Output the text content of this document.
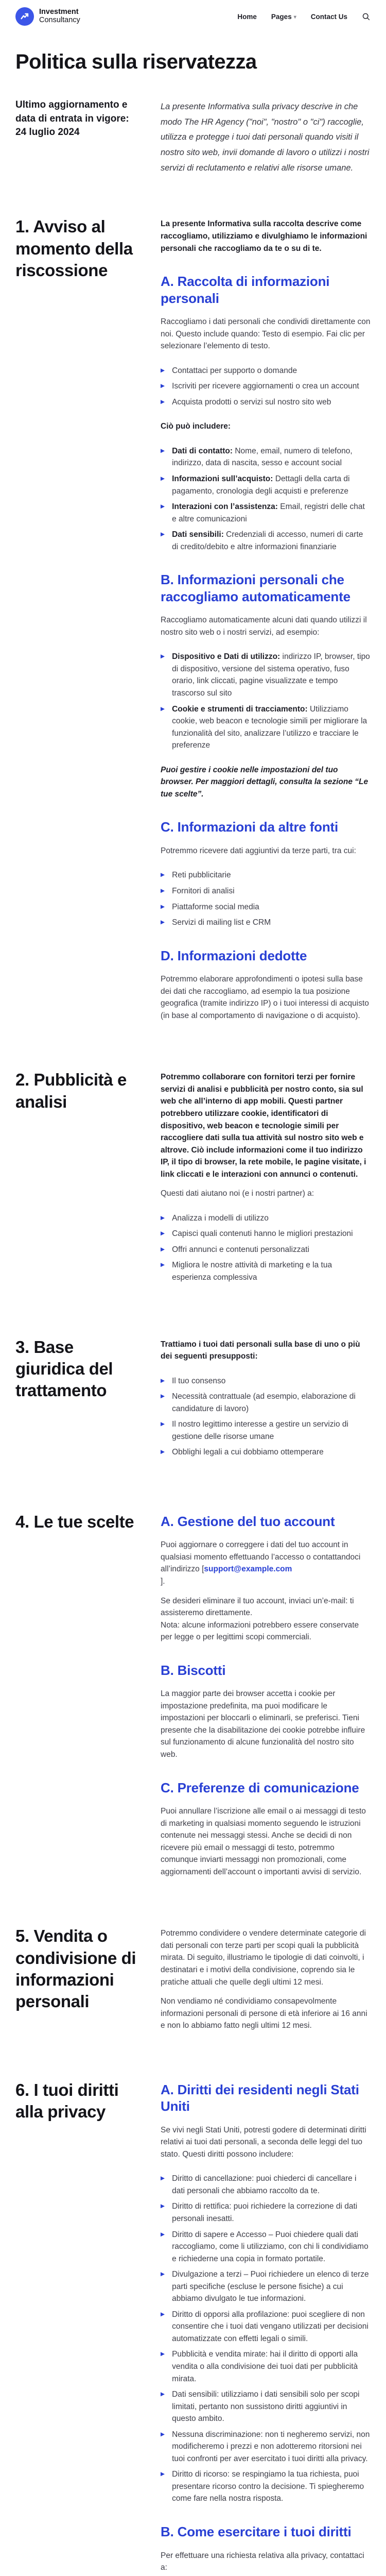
Investment
Consultancy	Home Pages ▾ Contact Us
Politica sulla riservatezza
Ultimo aggiornamento e data di entrata in vigore:
24 luglio 2024
La presente Informativa sulla privacy descrive in che modo The HR Agency ("noi", "nostro" o "ci") raccoglie, utilizza e protegge i tuoi dati personali quando visiti il nostro sito web, invii domande di lavoro o utilizzi i nostri servizi di reclutamento e relativi alle risorse umane.
1. Avviso al momento della riscossione

La presente Informativa sulla raccolta descrive come raccogliamo, utilizziamo e divulghiamo le informazioni personali che raccogliamo da te o su di te.

A. Raccolta di informazioni personali

Raccogliamo i dati personali che condividi direttamente con noi. Questo include quando: Testo di esempio. Fai clic per selezionare l’elemento di testo.

▶ Contattaci per supporto o domande
▶ Iscriviti per ricevere aggiornamenti o crea un account
▶ Acquista prodotti o servizi sul nostro sito web

Ciò può includere:

▶ Dati di contatto: Nome, email, numero di telefono, indirizzo, data di nascita, sesso e account social
▶ Informazioni sull’acquisto: Dettagli della carta di pagamento, cronologia degli acquisti e preferenze
▶ Interazioni con l’assistenza: Email, registri delle chat e altre comunicazioni
▶ Dati sensibili: Credenziali di accesso, numeri di carte di credito/debito e altre informazioni finanziarie
B. Informazioni personali che raccogliamo automaticamente

Raccogliamo automaticamente alcuni dati quando utilizzi il nostro sito web o i nostri servizi, ad esempio:

▶ Dispositivo e Dati di utilizzo: indirizzo IP, browser, tipo di dispositivo, versione del sistema operativo, fuso orario, link cliccati, pagine visualizzate e tempo trascorso sul sito
▶ Cookie e strumenti di tracciamento: Utilizziamo cookie, web beacon e tecnologie simili per migliorare la funzionalità del sito, analizzare l’utilizzo e tracciare le preferenze

Puoi gestire i cookie nelle impostazioni del tuo browser. Per maggiori dettagli, consulta la sezione “Le tue scelte”.

C. Informazioni da altre fonti

Potremmo ricevere dati aggiuntivi da terze parti, tra cui:

▶ Reti pubblicitarie
▶ Fornitori di analisi
▶ Piattaforme social media
▶ Servizi di mailing list e CRM
D. Informazioni dedotte

Potremmo elaborare approfondimenti o ipotesi sulla base dei dati che raccogliamo, ad esempio la tua posizione geografica (tramite indirizzo IP) o i tuoi interessi di acquisto (in base al comportamento di navigazione o di acquisto).

2. Pubblicità e analisi

Potremmo collaborare con fornitori terzi per fornire servizi di analisi e pubblicità per nostro conto, sia sul web che all’interno di app mobili. Questi partner potrebbero utilizzare cookie, identificatori di dispositivo, web beacon e tecnologie simili per raccogliere dati sulla tua attività sul nostro sito web e altrove. Ciò include informazioni come il tuo indirizzo IP, il tipo di browser, la rete mobile, le pagine visitate, i link cliccati e le interazioni con annunci o contenuti.

Questi dati aiutano noi (e i nostri partner) a:

▶ Analizza i modelli di utilizzo
▶ Capisci quali contenuti hanno le migliori prestazioni
▶ Offri annunci e contenuti personalizzati
▶ Migliora le nostre attività di marketing e la tua esperienza complessiva
3. Base giuridica del trattamento

Trattiamo i tuoi dati personali sulla base di uno o più dei seguenti presupposti:

▶ Il tuo consenso
▶ Necessità contrattuale (ad esempio, elaborazione di candidature di lavoro)
▶ Il nostro legittimo interesse a gestire un servizio di gestione delle risorse umane
▶ Obblighi legali a cui dobbiamo ottemperare
4. Le tue scelte	A. Gestione del tuo account

Puoi aggiornare o correggere i dati del tuo account in qualsiasi momento effettuando l’accesso o contattandoci all’indirizzo [support@example.com
].

Se desideri eliminare il tuo account, inviaci un’e-mail: ti assisteremo direttamente.
Nota: alcune informazioni potrebbero essere conservate per legge o per legittimi scopi commerciali.

B. Biscotti

La maggior parte dei browser accetta i cookie per impostazione predefinita, ma puoi modificare le impostazioni per bloccarli o eliminarli, se preferisci. Tieni presente che la disabilitazione dei cookie potrebbe influire sul funzionamento di alcune funzionalità del nostro sito web.

C. Preferenze di comunicazione

Puoi annullare l’iscrizione alle email o ai messaggi di testo di marketing in qualsiasi momento seguendo le istruzioni contenute nei messaggi stessi. Anche se decidi di non ricevere più email o messaggi di testo, potremmo comunque inviarti messaggi non promozionali, come aggiornamenti dell’account o importanti avvisi di servizio.

5. Vendita o condivisione di informazioni personali

Potremmo condividere o vendere determinate categorie di dati personali con terze parti per scopi quali la pubblicità mirata. Di seguito, illustriamo le tipologie di dati coinvolti, i destinatari e i motivi della condivisione, coprendo sia le pratiche attuali che quelle degli ultimi 12 mesi.

Non vendiamo né condividiamo consapevolmente informazioni personali di persone di età inferiore ai 16 anni e non lo abbiamo fatto negli ultimi 12 mesi.

6. I tuoi diritti alla privacy
A. Diritti dei residenti negli Stati Uniti

Se vivi negli Stati Uniti, potresti godere di determinati diritti relativi ai tuoi dati personali, a seconda delle leggi del tuo stato. Questi diritti possono includere:

▶ Diritto di cancellazione: puoi chiederci di cancellare i dati personali che abbiamo raccolto da te.
▶ Diritto di rettifica: puoi richiedere la correzione di dati personali inesatti.
▶ Diritto di sapere e Accesso – Puoi chiedere quali dati raccogliamo, come li utilizziamo, con chi li condividiamo e richiederne una copia in formato portatile.
▶ Divulgazione a terzi – Puoi richiedere un elenco di terze parti specifiche (escluse le persone fisiche) a cui abbiamo divulgato le tue informazioni.
▶ Diritto di opporsi alla profilazione: puoi scegliere di non consentire che i tuoi dati vengano utilizzati per decisioni automatizzate con effetti legali o simili.
▶ Pubblicità e vendita mirate: hai il diritto di opporti alla vendita o alla condivisione dei tuoi dati per pubblicità mirata.
▶ Dati sensibili: utilizziamo i dati sensibili solo per scopi limitati, pertanto non sussistono diritti aggiuntivi in questo ambito.
▶ Nessuna discriminazione: non ti negheremo servizi, non modificheremo i prezzi e non adotteremo ritorsioni nei tuoi confronti per aver esercitato i tuoi diritti alla privacy.
▶ Diritto di ricorso: se respingiamo la tua richiesta, puoi presentare ricorso contro la decisione. Ti spiegheremo come fare nella nostra risposta.
B. Come esercitare i tuoi diritti

Per effettuare una richiesta relativa alla privacy, contattaci a:
